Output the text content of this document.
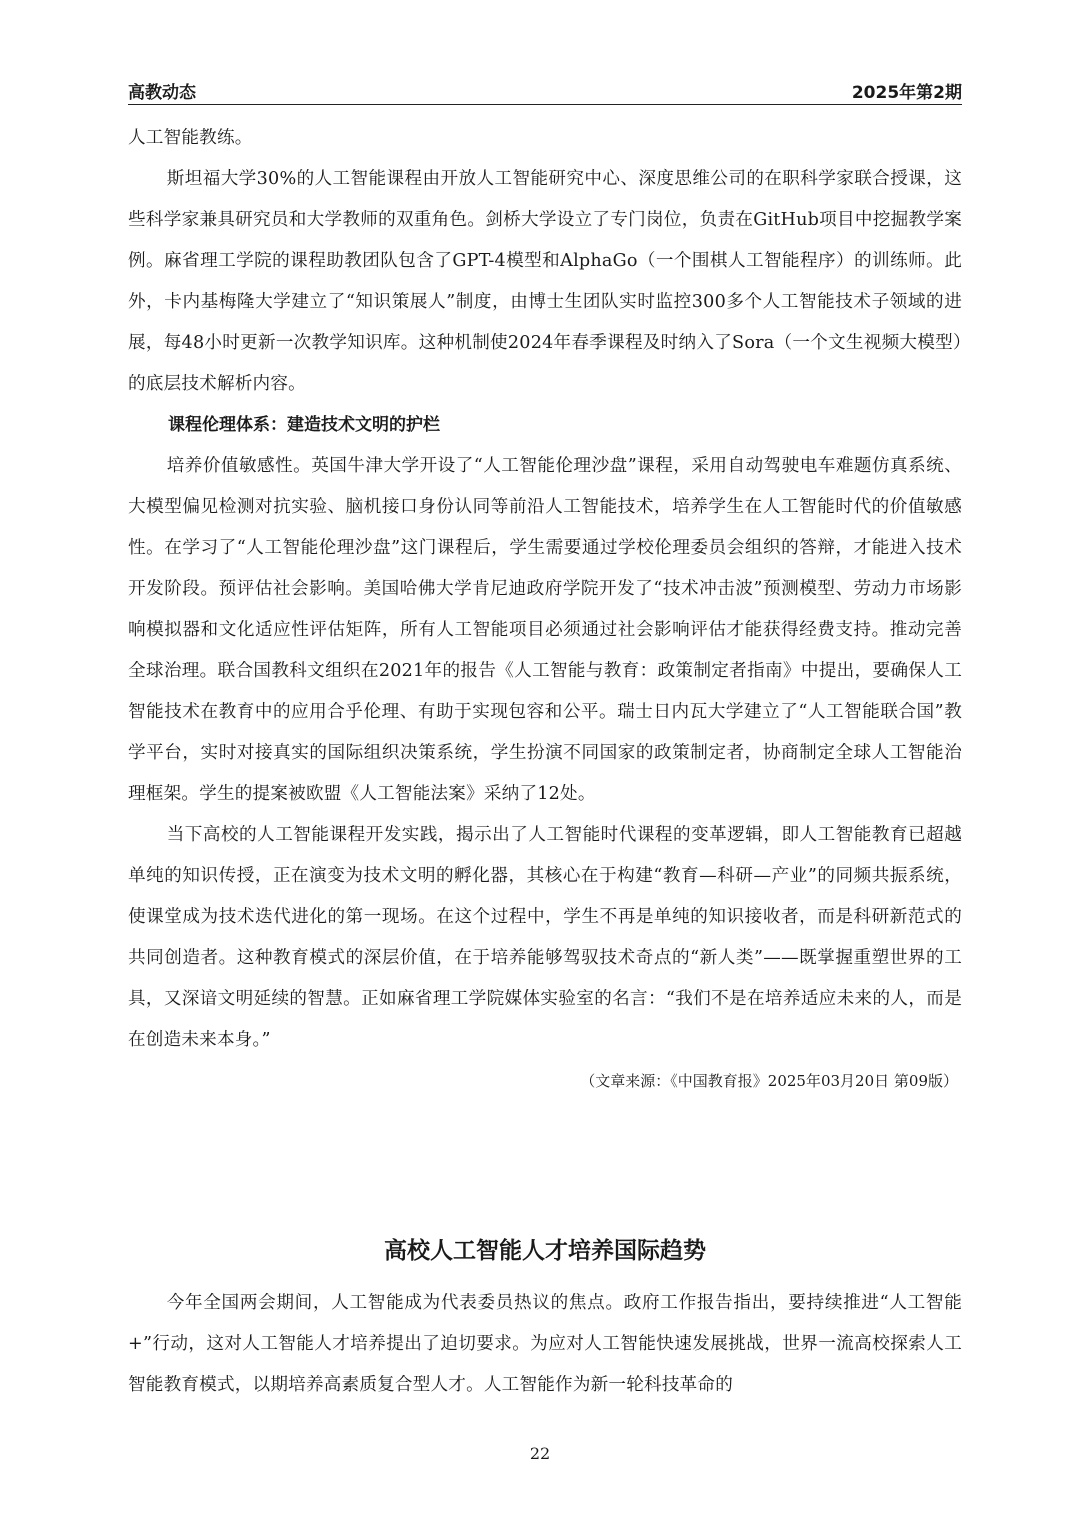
高教动态	2025年第2期

人工智能教练。

斯坦福大学30%的人工智能课程由开放人工智能研究中心、深度思维公司的在职科学家联合授课，这些科学家兼具研究员和大学教师的双重角色。剑桥大学设立了专门岗位，负责在GitHub项目中挖掘教学案例。麻省理工学院的课程助教团队包含了GPT-4模型和AlphaGo（一个围棋人工智能程序）的训练师。此外，卡内基梅隆大学建立了“知识策展人”制度，由博士生团队实时监控300多个人工智能技术子领域的进展，每48小时更新一次教学知识库。这种机制使2024年春季课程及时纳入了Sora（一个文生视频大模型）的底层技术解析内容。

课程伦理体系：建造技术文明的护栏

培养价值敏感性。英国牛津大学开设了“人工智能伦理沙盘”课程，采用自动驾驶电车难题仿真系统、大模型偏见检测对抗实验、脑机接口身份认同等前沿人工智能技术，培养学生在人工智能时代的价值敏感性。在学习了“人工智能伦理沙盘”这门课程后，学生需要通过学校伦理委员会组织的答辩，才能进入技术开发阶段。预评估社会影响。美国哈佛大学肯尼迪政府学院开发了“技术冲击波”预测模型、劳动力市场影响模拟器和文化适应性评估矩阵，所有人工智能项目必须通过社会影响评估才能获得经费支持。推动完善全球治理。联合国教科文组织在2021年的报告《人工智能与教育：政策制定者指南》中提出，要确保人工智能技术在教育中的应用合乎伦理、有助于实现包容和公平。瑞士日内瓦大学建立了“人工智能联合国”教学平台，实时对接真实的国际组织决策系统，学生扮演不同国家的政策制定者，协商制定全球人工智能治理框架。学生的提案被欧盟《人工智能法案》采纳了12处。

当下高校的人工智能课程开发实践，揭示出了人工智能时代课程的变革逻辑，即人工智能教育已超越单纯的知识传授，正在演变为技术文明的孵化器，其核心在于构建“教育—科研—产业”的同频共振系统，使课堂成为技术迭代进化的第一现场。在这个过程中，学生不再是单纯的知识接收者，而是科研新范式的共同创造者。这种教育模式的深层价值，在于培养能够驾驭技术奇点的“新人类”——既掌握重塑世界的工具，又深谙文明延续的智慧。正如麻省理工学院媒体实验室的名言：“我们不是在培养适应未来的人，而是在创造未来本身。”

（文章来源：《中国教育报》2025年03月20日 第09版）

高校人工智能人才培养国际趋势

今年全国两会期间，人工智能成为代表委员热议的焦点。政府工作报告指出，要持续推进“人工智能+”行动，这对人工智能人才培养提出了迫切要求。为应对人工智能快速发展挑战，世界一流高校探索人工智能教育模式，以期培养高素质复合型人才。人工智能作为新一轮科技革命的

22
